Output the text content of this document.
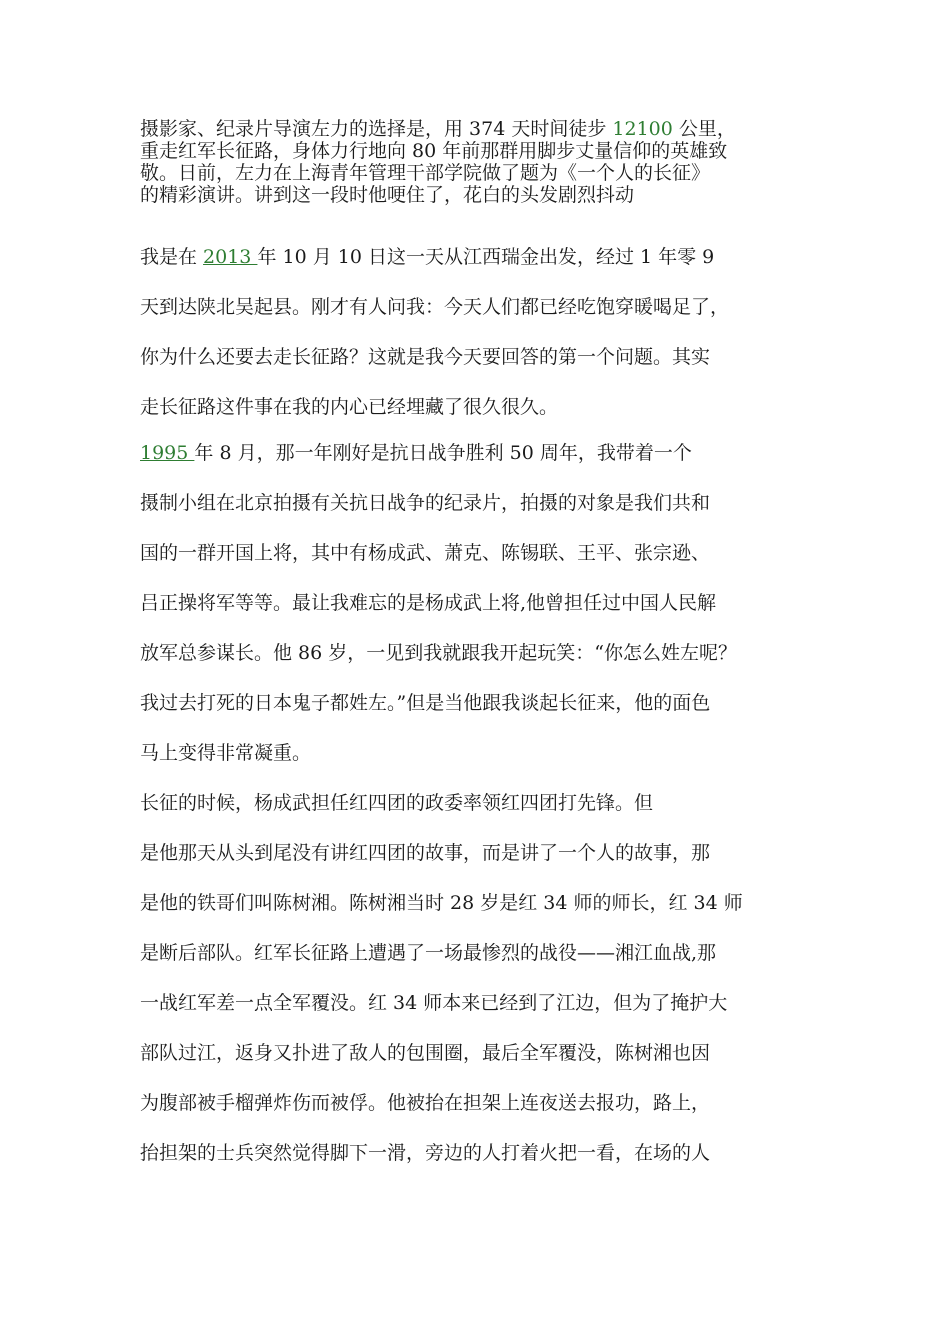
摄影家、纪录片导演左力的选择是，用 374 天时间徒步 12100 公里，
重走红军长征路，身体力行地向 80 年前那群用脚步丈量信仰的英雄致
敬。日前，左力在上海青年管理干部学院做了题为《一个人的长征》
的精彩演讲。讲到这一段时他哽住了，花白的头发剧烈抖动
我是在 2013 年 10 月 10 日这一天从江西瑞金出发，经过 1 年零 9
天到达陕北吴起县。刚才有人问我：今天人们都已经吃饱穿暖喝足了，
你为什么还要去走长征路？这就是我今天要回答的第一个问题。其实
走长征路这件事在我的内心已经埋藏了很久很久。
1995 年 8 月，那一年刚好是抗日战争胜利 50 周年，我带着一个
摄制小组在北京拍摄有关抗日战争的纪录片，拍摄的对象是我们共和
国的一群开国上将，其中有杨成武、萧克、陈锡联、王平、张宗逊、
吕正操将军等等。最让我难忘的是杨成武上将,他曾担任过中国人民解
放军总参谋长。他 86 岁，一见到我就跟我开起玩笑：“你怎么姓左呢？
我过去打死的日本鬼子都姓左。”但是当他跟我谈起长征来，他的面色
马上变得非常凝重。
长征的时候，杨成武担任红四团的政委率领红四团打先锋。但
是他那天从头到尾没有讲红四团的故事，而是讲了一个人的故事，那
是他的铁哥们叫陈树湘。陈树湘当时 28 岁是红 34 师的师长，红 34 师
是断后部队。红军长征路上遭遇了一场最惨烈的战役——湘江血战,那
一战红军差一点全军覆没。红 34 师本来已经到了江边，但为了掩护大
部队过江，返身又扑进了敌人的包围圈，最后全军覆没，陈树湘也因
为腹部被手榴弹炸伤而被俘。他被抬在担架上连夜送去报功，路上，
抬担架的士兵突然觉得脚下一滑，旁边的人打着火把一看，在场的人
